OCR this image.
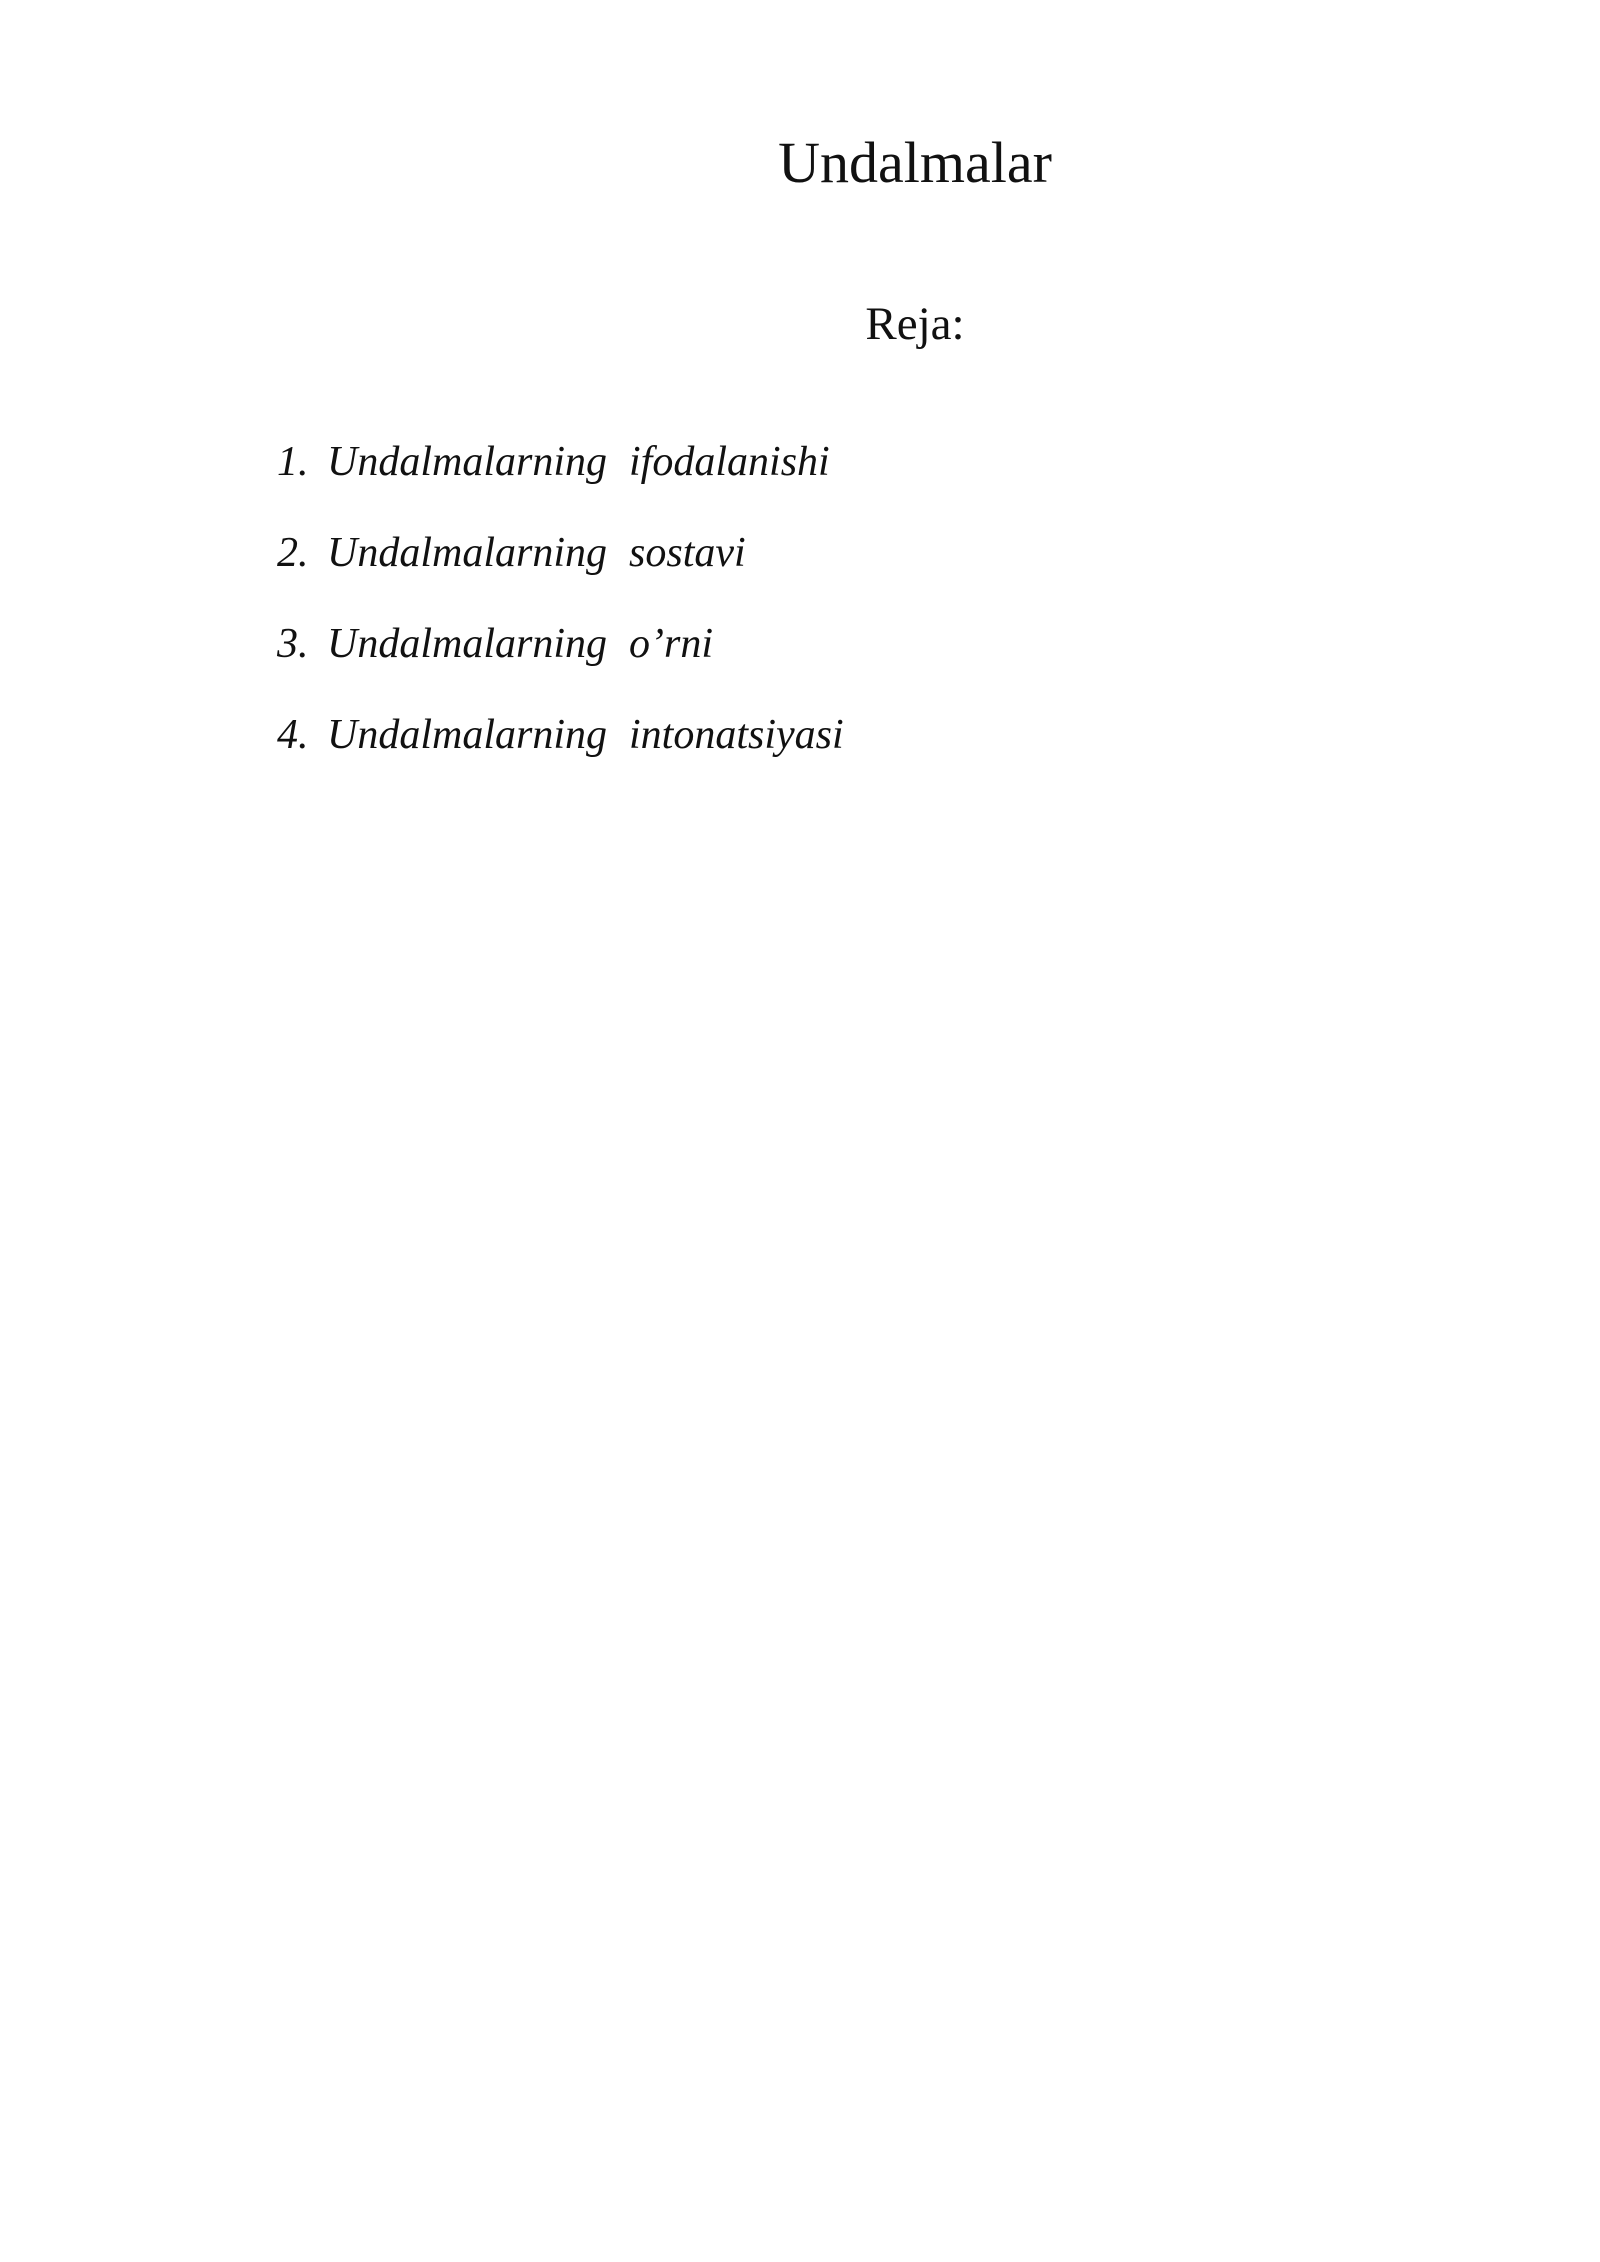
Undalmalar

Reja:

1. Undalmalarning ifodalanishi
2. Undalmalarning sostavi
3. Undalmalarning o’rni
4. Undalmalarning intonatsiyasi
